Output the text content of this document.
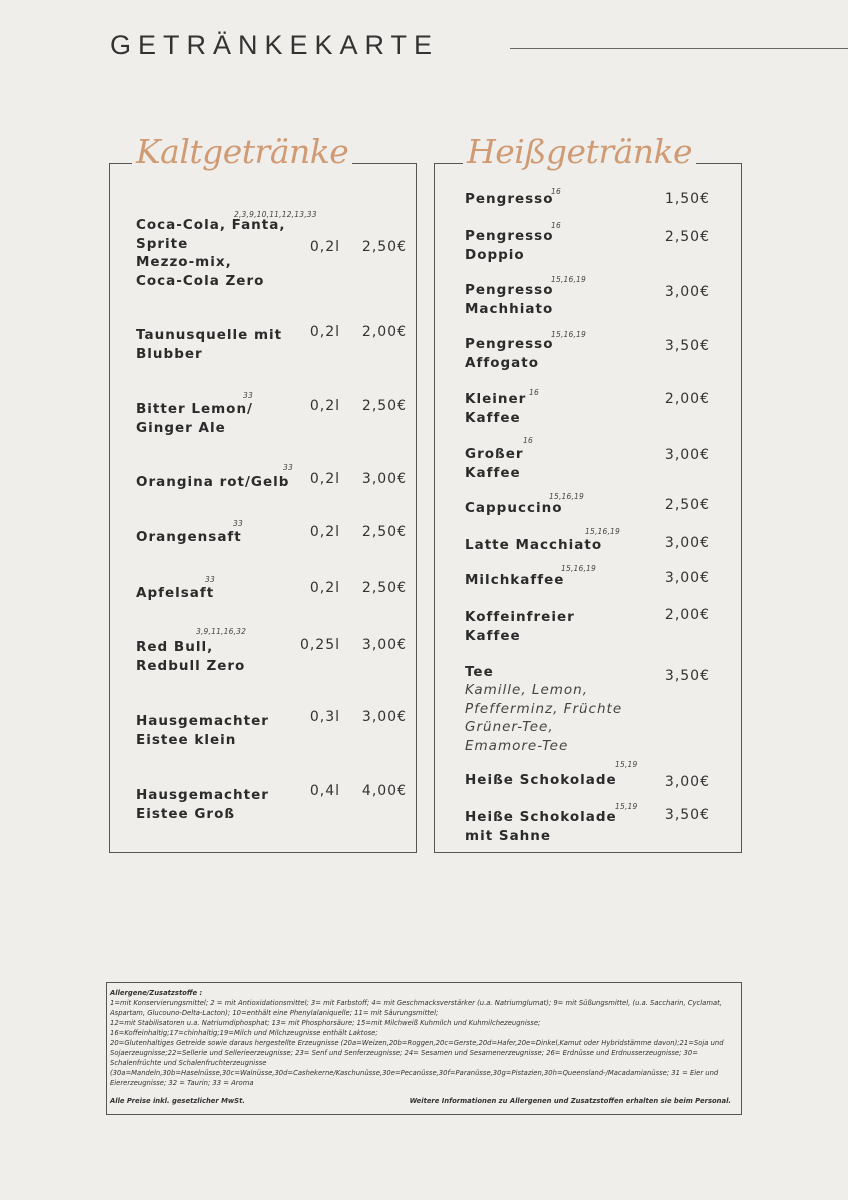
GETRÄNKEKARTE
Kaltgetränke
Coca-Cola, Fanta,
Sprite
Mezzo-mix,
Coca-Cola Zero
2,3,9,10,11,12,13,33
0,2l 2,50€
Taunusquelle mit
Blubber
0,2l 2,00€
Bitter Lemon/
Ginger Ale
33
0,2l 2,50€
Orangina rot/Gelb
33
0,2l 3,00€
Orangensaft
33
0,2l 2,50€
Apfelsaft
33
0,2l 2,50€
Red Bull,
Redbull Zero
3,9,11,16,32
0,25l 3,00€
Hausgemachter
Eistee klein
0,3l 3,00€
Hausgemachter
Eistee Groß
0,4l 4,00€
Heißgetränke
Pengresso
16	1,50€
Pengresso
Doppio
16
2,50€
Pengresso
Machhiato
15,16,19
3,00€
Pengresso
Affogato
15,16,19
3,50€
Kleiner
Kaffee
16	2,00€
Großer
Kaffee
16
3,00€
Cappuccino
15,16,19
2,50€
Latte Macchiato
15,16,19
3,00€
Milchkaffee
15,16,19
3,00€
Koffeinfreier
Kaffee
2,00€
Tee
Kamille, Lemon,
Pfefferminz, Früchte
Grüner-Tee,
Emamore-Tee
3,50€
Heiße Schokolade
15,19
3,00€
Heiße Schokolade
mit Sahne
15,19
3,50€

Allergene/Zusatzstoffe :

1=mit Konservierungsmittel; 2 = mit Antioxidationsmittel; 3= mit Farbstoff; 4= mit Geschmacksverstärker (u.a. Natriumglumat); 9= mit Süßungsmittel, (u.a. Saccharin, Cyclamat, Aspartam, Glucouno-Delta-Lacton); 10=enthält eine Phenylalaniquelle; 11= mit Säurungsmittel;

12=mit Stabilisatoren u.a. Natriumdiphosphat; 13= mit Phosphorsäure; 15=mit Milchweiß Kuhmilch und Kuhmilchezeugnisse;

16=Koffeinhaltig;17=chinhaltig;19=Milch und Milchzeugnisse enthält Laktose;

20=Glutenhaltiges Getreide sowie daraus hergestellte Erzeugnisse (20a=Weizen,20b=Roggen,20c=Gerste,20d=Hafer,20e=Dinkel,Kamut oder Hybridstämme davon);21=Soja und Sojaerzeugnisse;22=Sellerie und Sellerieerzeugnisse; 23= Senf und Senferzeugnisse; 24= Sesamen und Sesamenerzeugnisse; 26= Erdnüsse und Erdnusserzeugnisse; 30= Schalenfrüchte und Schalenfruchterzeugnisse (30a=Mandeln,30b=Haselnüsse,30c=Walnüsse,30d=Cashekerne/Kaschunüsse,30e=Pecanüsse,30f=Paranüsse,30g=Pistazien,30h=Queensland-/Macadamianüsse; 31 = Eier und Eiererzeugnisse; 32 = Taurin; 33 = Aroma

Alle Preise inkl. gesetzlicher MwSt.	Weitere Informationen zu Allergenen und Zusatzstoffen erhalten sie beim Personal.
